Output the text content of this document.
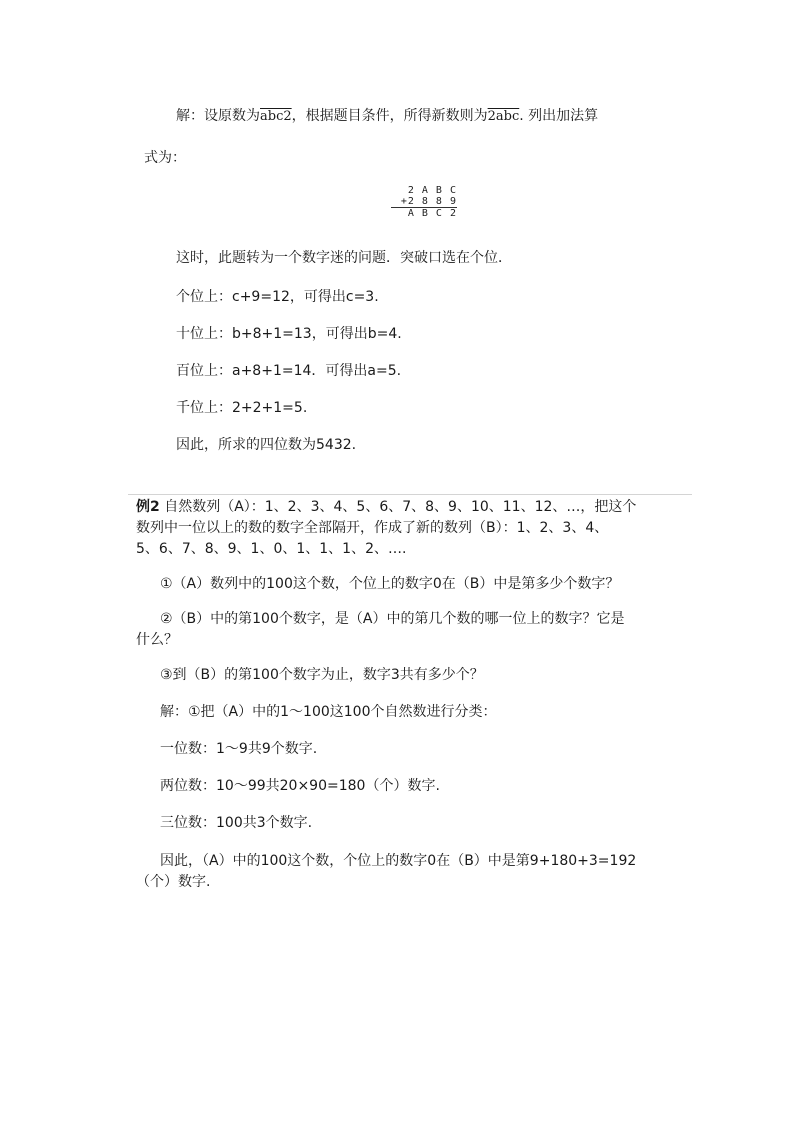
解：设原数为abc2，根据题目条件，所得新数则为2abc. 列出加法算
式为：
2 A B C
+2 8 8 9
A B C 2
这时，此题转为一个数字迷的问题．突破口选在个位．
个位上：c+9=12，可得出c=3.
十位上：b+8+1=13，可得出b=4.
百位上：a+8+1=14．可得出a=5.
千位上：2+2+1=5.
因此，所求的四位数为5432.
例2 自然数列（A）：1、2、3、4、5、6、7、8、9、10、11、12、…，把这个
数列中一位以上的数的数字全部隔开，作成了新的数列（B）：1、2、3、4、
5、6、7、8、9、1、0、1、1、1、2、….
①（A）数列中的100这个数，个位上的数字0在（B）中是第多少个数字？
②（B）中的第100个数字，是（A）中的第几个数的哪一位上的数字？它是
什么？
③到（B）的第100个数字为止，数字3共有多少个？
解：①把（A）中的1～100这100个自然数进行分类：
一位数：1～9共9个数字.
两位数：10～99共20×90=180（个）数字.
三位数：100共3个数字.
因此，（A）中的100这个数，个位上的数字0在（B）中是第9+180+3=192
（个）数字.
